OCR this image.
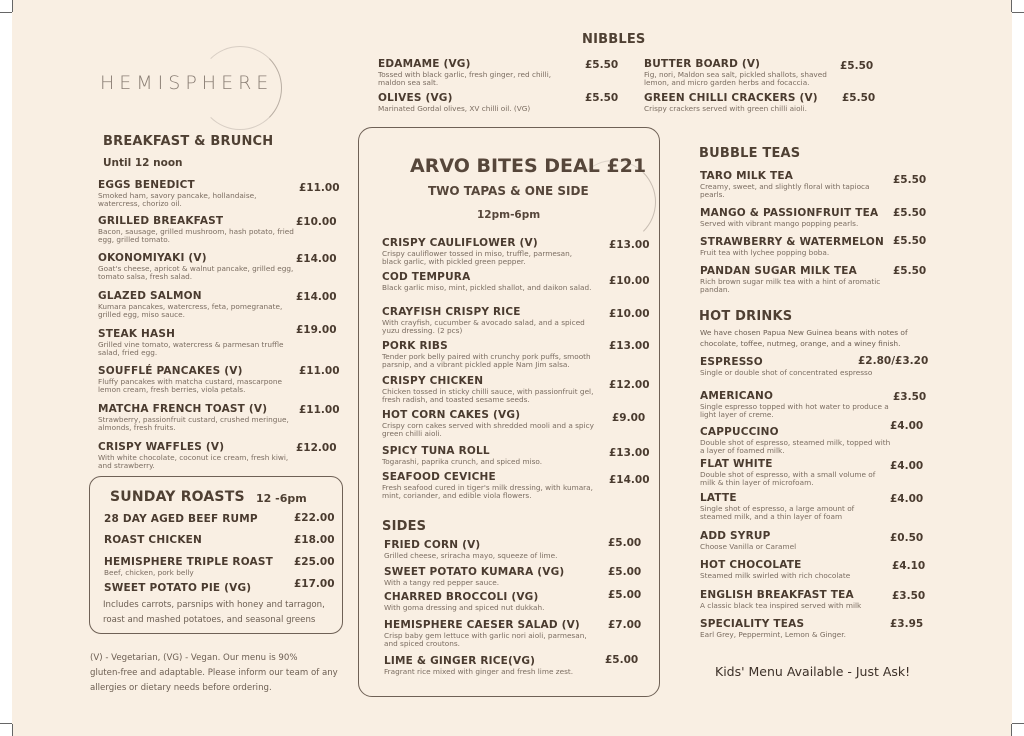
HEMISPHERE
NIBBLES
EDAMAME (VG)
Tossed with black garlic, fresh ginger, red chilli, maldon sea salt.
£5.50
OLIVES (VG)
Marinated Gordal olives, XV chilli oil. (VG)
£5.50
BUTTER BOARD (V)
Fig, nori, Maldon sea salt, pickled shallots, shaved lemon, and micro garden herbs and focaccia.
£5.50
GREEN CHILLI CRACKERS (V)
Crispy crackers served with green chilli aioli.
£5.50
BREAKFAST & BRUNCH
Until 12 noon
EGGS BENEDICT
Smoked ham, savory pancake, hollandaise, watercress, chorizo oil.
£11.00
GRILLED BREAKFAST
Bacon, sausage, grilled mushroom, hash potato, fried egg, grilled tomato.
£10.00
OKONOMIYAKI (V)
Goat's cheese, apricot & walnut pancake, grilled egg, tomato salsa, fresh salad.
£14.00
GLAZED SALMON
Kumara pancakes, watercress, feta, pomegranate, grilled egg, miso sauce.
£14.00
STEAK HASH
Grilled vine tomato, watercress & parmesan truffle salad, fried egg.
£19.00
SOUFFLÉ PANCAKES (V)
Fluffy pancakes with matcha custard, mascarpone lemon cream, fresh berries, viola petals.
£11.00
MATCHA FRENCH TOAST (V)
Strawberry, passionfruit custard, crushed meringue, almonds, fresh fruits.
£11.00
CRISPY WAFFLES (V)
With white chocolate, coconut ice cream, fresh kiwi, and strawberry.
£12.00
SUNDAY ROASTS 12 -6pm
28 DAY AGED BEEF RUMP	£22.00
ROAST CHICKEN	£18.00
HEMISPHERE TRIPLE ROAST
Beef, chicken, pork belly
£25.00
SWEET POTATO PIE (VG)	£17.00
Includes carrots, parsnips with honey and tarragon,
roast and mashed potatoes, and seasonal greens
(V) - Vegetarian, (VG) - Vegan. Our menu is 90%
gluten-free and adaptable. Please inform our team of any
allergies or dietary needs before ordering.
ARVO BITES DEAL £21
TWO TAPAS & ONE SIDE
12pm-6pm
CRISPY CAULIFLOWER (V)
Crispy cauliflower tossed in miso, truffle, parmesan, black garlic, with pickled green pepper.
£13.00
COD TEMPURA
Black garlic miso, mint, pickled shallot, and daikon salad.
£10.00
CRAYFISH CRISPY RICE
With crayfish, cucumber & avocado salad, and a spiced yuzu dressing. (2 pcs)
£10.00
PORK RIBS
Tender pork belly paired with crunchy pork puffs, smooth parsnip, and a vibrant pickled apple Nam Jim salsa.
£13.00
CRISPY CHICKEN
Chicken tossed in sticky chilli sauce, with passionfruit gel, fresh radish, and toasted sesame seeds.
£12.00
HOT CORN CAKES (VG)
Crispy corn cakes served with shredded mooli and a spicy green chilli aioli.
£9.00
SPICY TUNA ROLL
Togarashi, paprika crunch, and spiced miso.
£13.00
SEAFOOD CEVICHE
Fresh seafood cured in tiger's milk dressing, with kumara, mint, coriander, and edible viola flowers.
£14.00
SIDES
FRIED CORN (V)
Grilled cheese, sriracha mayo, squeeze of lime.
£5.00
SWEET POTATO KUMARA (VG)
With a tangy red pepper sauce.
£5.00
CHARRED BROCCOLI (VG)
With goma dressing and spiced nut dukkah.
£5.00
HEMISPHERE CAESER SALAD (V)
Crisp baby gem lettuce with garlic nori aioli, parmesan, and spiced croutons.
£7.00
LIME & GINGER RICE(VG)
Fragrant rice mixed with ginger and fresh lime zest.
£5.00
BUBBLE TEAS
TARO MILK TEA
Creamy, sweet, and slightly floral with tapioca pearls.
£5.50
MANGO & PASSIONFRUIT TEA
Served with vibrant mango popping pearls.
£5.50
STRAWBERRY & WATERMELON
Fruit tea with lychee popping boba.
£5.50
PANDAN SUGAR MILK TEA
Rich brown sugar milk tea with a hint of aromatic pandan.
£5.50
HOT DRINKS
We have chosen Papua New Guinea beans with notes of
chocolate, toffee, nutmeg, orange, and a winey finish.
ESPRESSO
Single or double shot of concentrated espresso
£2.80/£3.20
AMERICANO
Single espresso topped with hot water to produce a light layer of creme.
£3.50
CAPPUCCINO
Double shot of espresso, steamed milk, topped with a layer of foamed milk.
£4.00
FLAT WHITE
Double shot of espresso, with a small volume of milk & thin layer of microfoam.
£4.00
LATTE
Single shot of espresso, a large amount of steamed milk, and a thin layer of foam
£4.00
ADD SYRUP
Choose Vanilla or Caramel
£0.50
HOT CHOCOLATE
Steamed milk swirled with rich chocolate
£4.10
ENGLISH BREAKFAST TEA
A classic black tea inspired served with milk
£3.50
SPECIALITY TEAS
Earl Grey, Peppermint, Lemon & Ginger.
£3.95
Kids' Menu Available - Just Ask!
